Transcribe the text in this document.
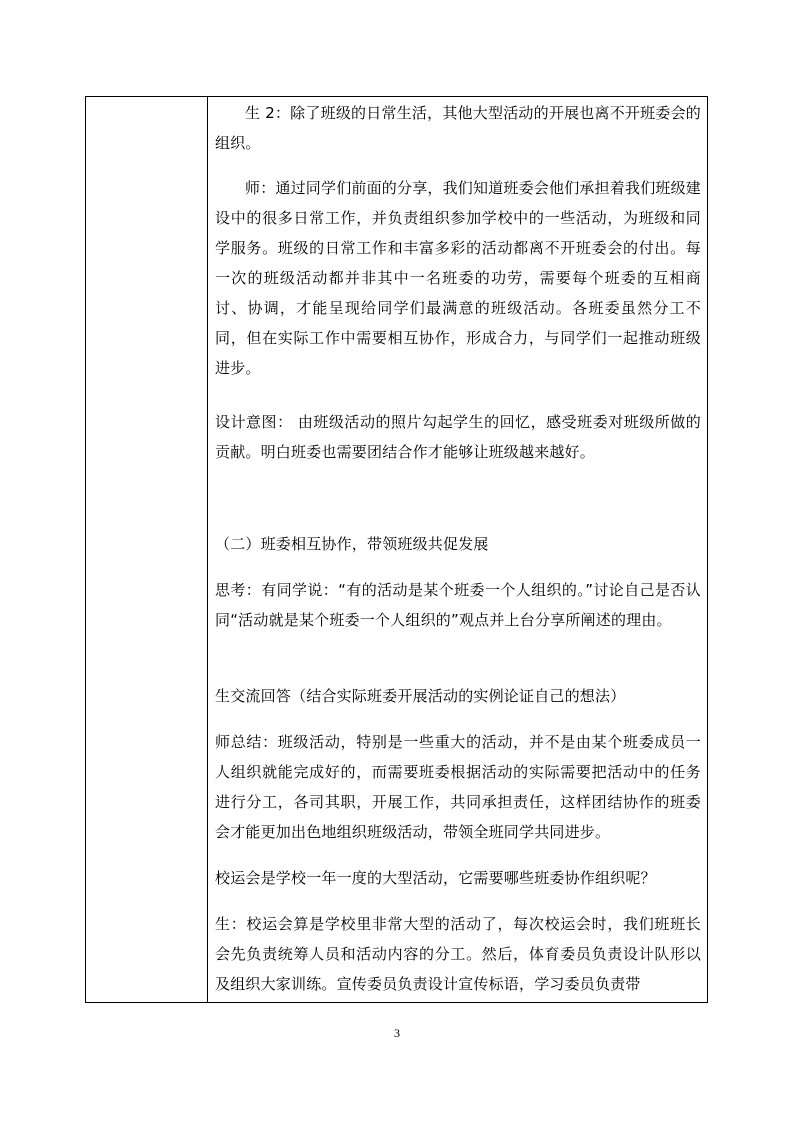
生 2：除了班级的日常生活，其他大型活动的开展也离不开班委会的组织。

师：通过同学们前面的分享，我们知道班委会他们承担着我们班级建设中的很多日常工作，并负责组织参加学校中的一些活动，为班级和同学服务。班级的日常工作和丰富多彩的活动都离不开班委会的付出。每一次的班级活动都并非其中一名班委的功劳，需要每个班委的互相商讨、协调，才能呈现给同学们最满意的班级活动。各班委虽然分工不同，但在实际工作中需要相互协作，形成合力，与同学们一起推动班级进步。

设计意图： 由班级活动的照片勾起学生的回忆，感受班委对班级所做的贡献。明白班委也需要团结合作才能够让班级越来越好。

（二）班委相互协作，带领班级共促发展

思考：有同学说：“有的活动是某个班委一个人组织的。”讨论自己是否认同“活动就是某个班委一个人组织的”观点并上台分享所阐述的理由。

生交流回答（结合实际班委开展活动的实例论证自己的想法）

师总结：班级活动，特别是一些重大的活动，并不是由某个班委成员一人组织就能完成好的，而需要班委根据活动的实际需要把活动中的任务进行分工，各司其职，开展工作，共同承担责任，这样团结协作的班委会才能更加出色地组织班级活动，带领全班同学共同进步。

校运会是学校一年一度的大型活动，它需要哪些班委协作组织呢？

生：校运会算是学校里非常大型的活动了，每次校运会时，我们班班长会先负责统筹人员和活动内容的分工。然后，体育委员负责设计队形以及组织大家训练。宣传委员负责设计宣传标语，学习委员负责带

3
